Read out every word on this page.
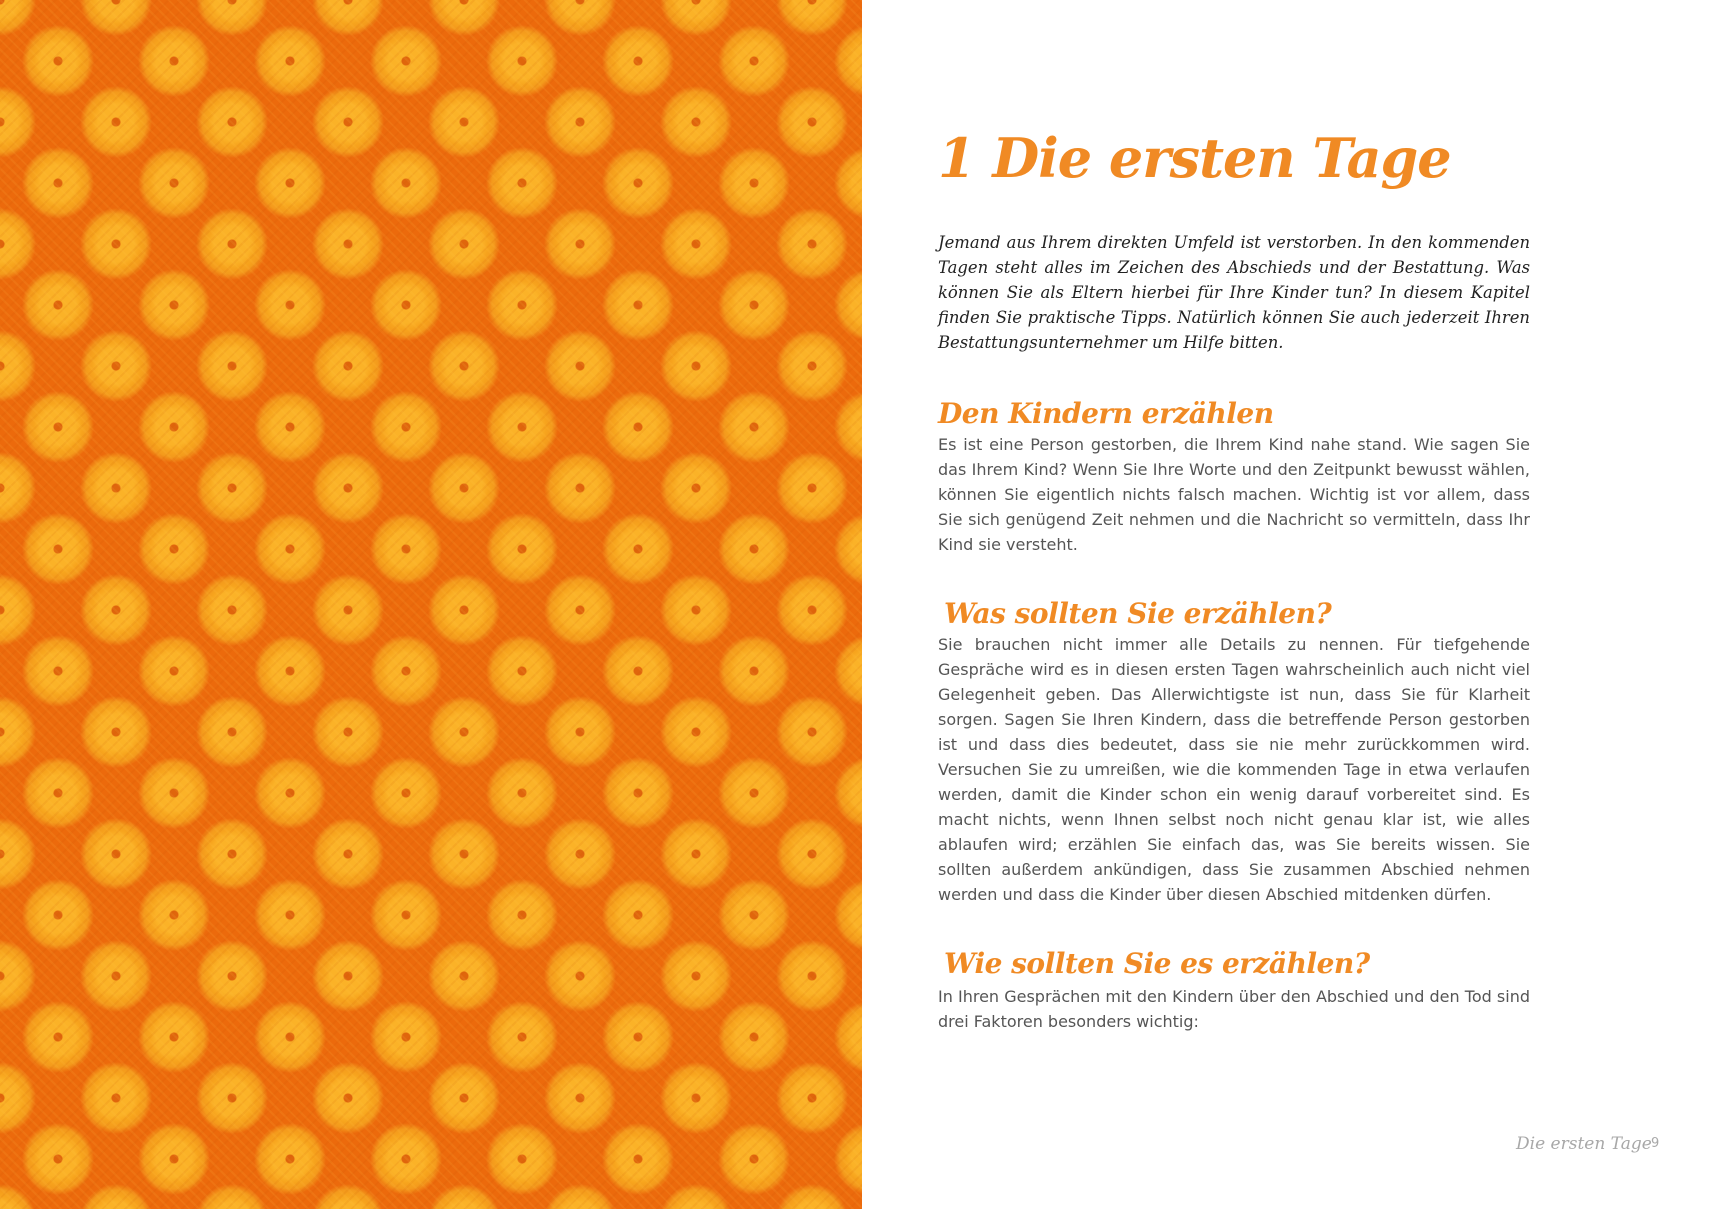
1 Die ersten Tage

Jemand aus Ihrem direkten Umfeld ist verstorben. In den kommenden Tagen steht alles im Zeichen des Abschieds und der Bestattung. Was können Sie als Eltern hierbei für Ihre Kinder tun? In diesem Kapitel finden Sie praktische Tipps. Natürlich können Sie auch jederzeit Ihren Bestattungsunternehmer um Hilfe bitten.

Den Kindern erzählen

Es ist eine Person gestorben, die Ihrem Kind nahe stand. Wie sagen Sie das Ihrem Kind? Wenn Sie Ihre Worte und den Zeitpunkt bewusst wählen, können Sie eigentlich nichts falsch machen. Wichtig ist vor allem, dass Sie sich genügend Zeit nehmen und die Nachricht so vermitteln, dass Ihr Kind sie versteht.

Was sollten Sie erzählen?

Sie brauchen nicht immer alle Details zu nennen. Für tiefgehende Gespräche wird es in diesen ersten Tagen wahrscheinlich auch nicht viel Gelegenheit geben. Das Allerwichtigste ist nun, dass Sie für Klarheit sorgen. Sagen Sie Ihren Kindern, dass die betreffende Person gestorben ist und dass dies bedeutet, dass sie nie mehr zurückkommen wird. Versuchen Sie zu umreißen, wie die kommenden Tage in etwa verlaufen werden, damit die Kinder schon ein wenig darauf vorbereitet sind. Es macht nichts, wenn Ihnen selbst noch nicht genau klar ist, wie alles ablaufen wird; erzählen Sie einfach das, was Sie bereits wissen. Sie sollten außerdem ankündigen, dass Sie zusammen Abschied nehmen werden und dass die Kinder über diesen Abschied mitdenken dürfen.

Wie sollten Sie es erzählen?

In Ihren Gesprächen mit den Kindern über den Abschied und den Tod sind drei Faktoren besonders wichtig:

Die ersten Tage 9
